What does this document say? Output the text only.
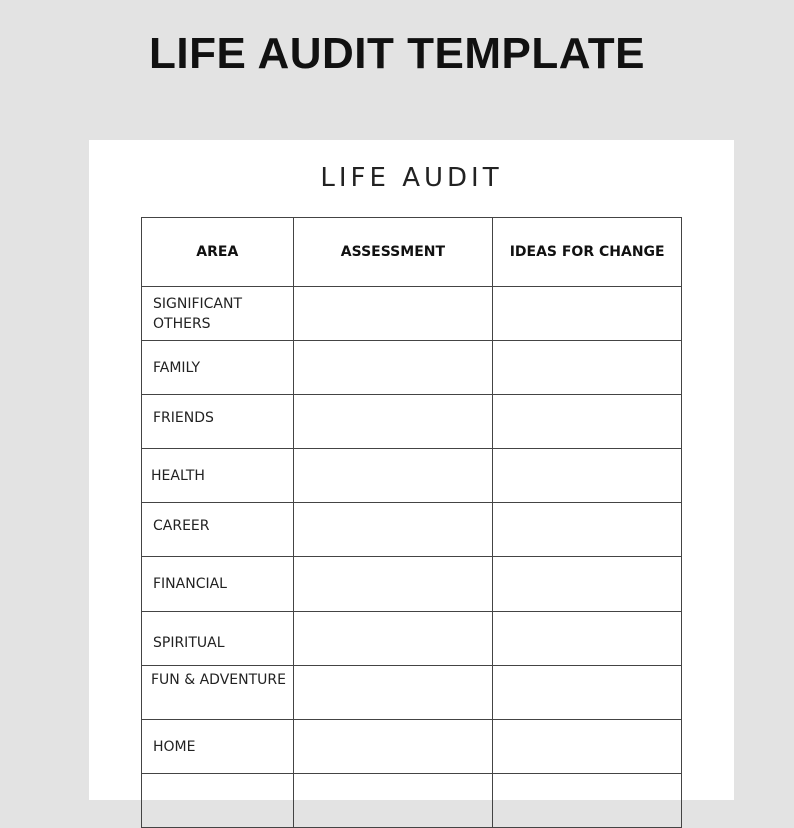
LIFE AUDIT TEMPLATE
LIFE AUDIT
AREA	ASSESSMENT	IDEAS FOR CHANGE
SIGNIFICANT OTHERS		
FAMILY		
FRIENDS		
HEALTH		
CAREER		
FINANCIAL		
SPIRITUAL		
FUN & ADVENTURE		
HOME		
